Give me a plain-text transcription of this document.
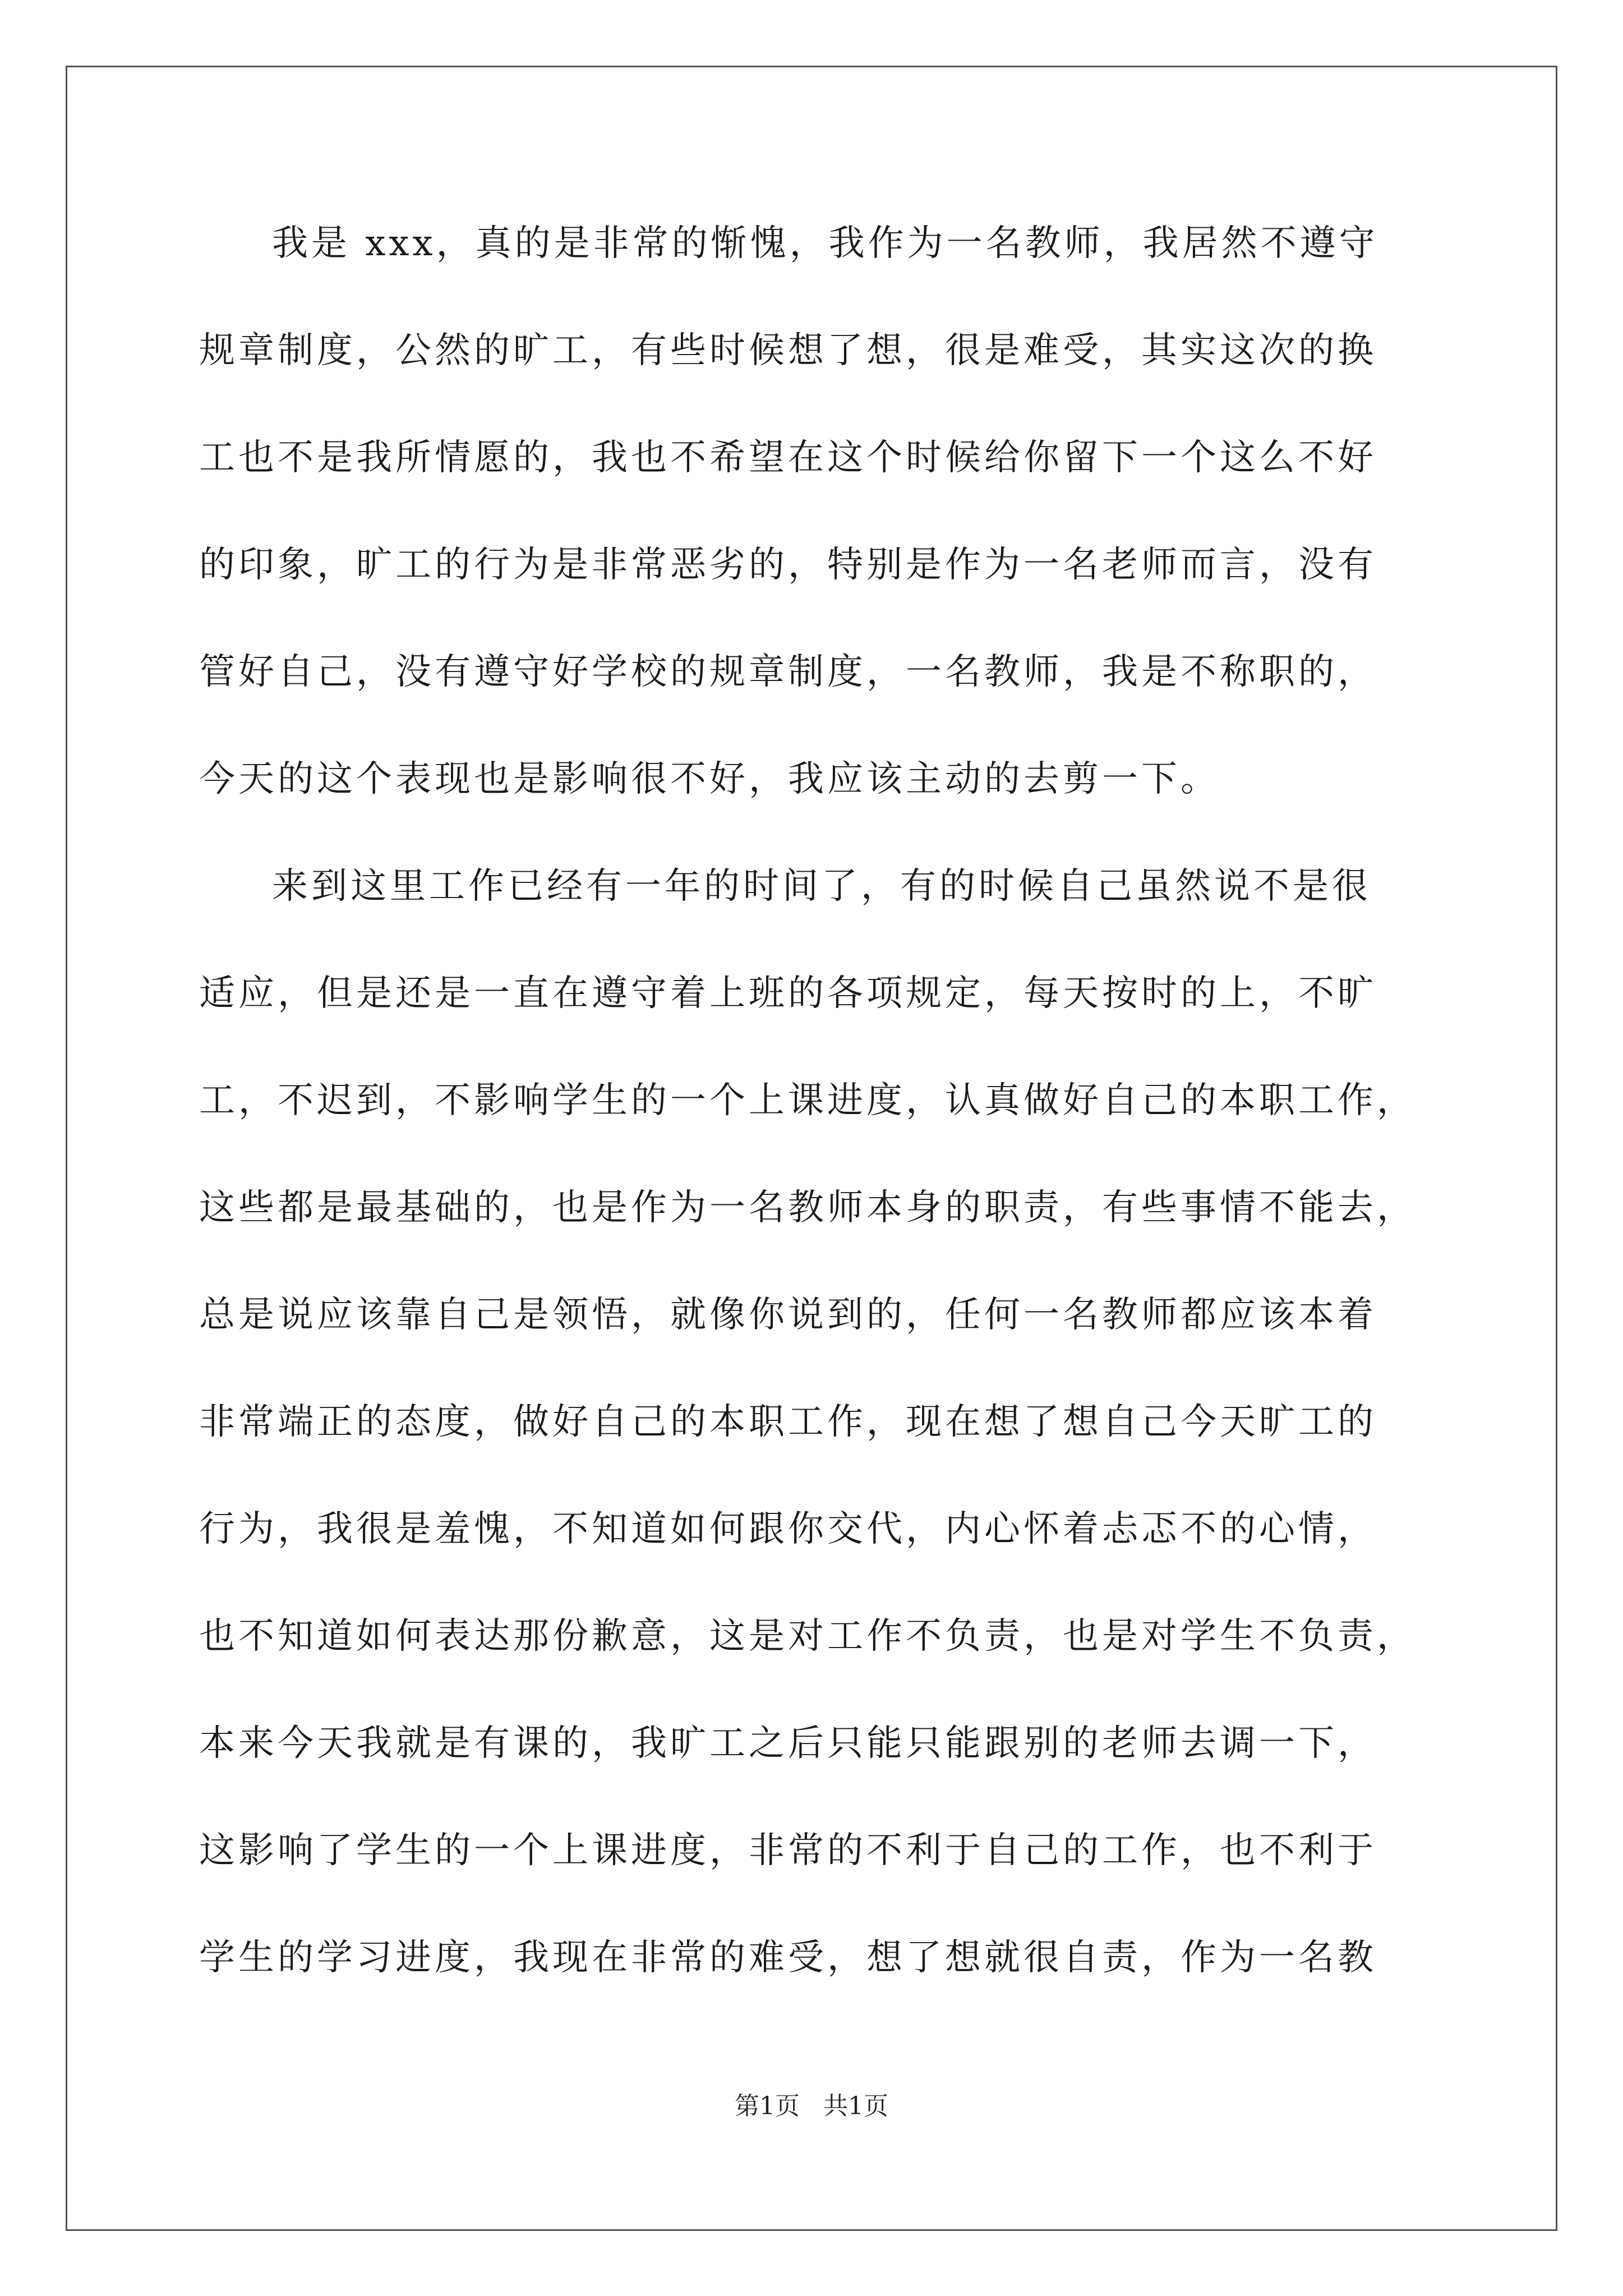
我是 xxx，真的是非常的惭愧，我作为一名教师，我居然不遵守
规章制度，公然的旷工，有些时候想了想，很是难受，其实这次的换
工也不是我所情愿的，我也不希望在这个时候给你留下一个这么不好
的印象，旷工的行为是非常恶劣的，特别是作为一名老师而言，没有
管好自己，没有遵守好学校的规章制度，一名教师，我是不称职的，
今天的这个表现也是影响很不好，我应该主动的去剪一下。
来到这里工作已经有一年的时间了，有的时候自己虽然说不是很
适应，但是还是一直在遵守着上班的各项规定，每天按时的上，不旷
工，不迟到，不影响学生的一个上课进度，认真做好自己的本职工作，
这些都是最基础的，也是作为一名教师本身的职责，有些事情不能去，
总是说应该靠自己是领悟，就像你说到的，任何一名教师都应该本着
非常端正的态度，做好自己的本职工作，现在想了想自己今天旷工的
行为，我很是羞愧，不知道如何跟你交代，内心怀着忐忑不的心情，
也不知道如何表达那份歉意，这是对工作不负责，也是对学生不负责，
本来今天我就是有课的，我旷工之后只能只能跟别的老师去调一下，
这影响了学生的一个上课进度，非常的不利于自己的工作，也不利于
学生的学习进度，我现在非常的难受，想了想就很自责，作为一名教
第1页 共1页
